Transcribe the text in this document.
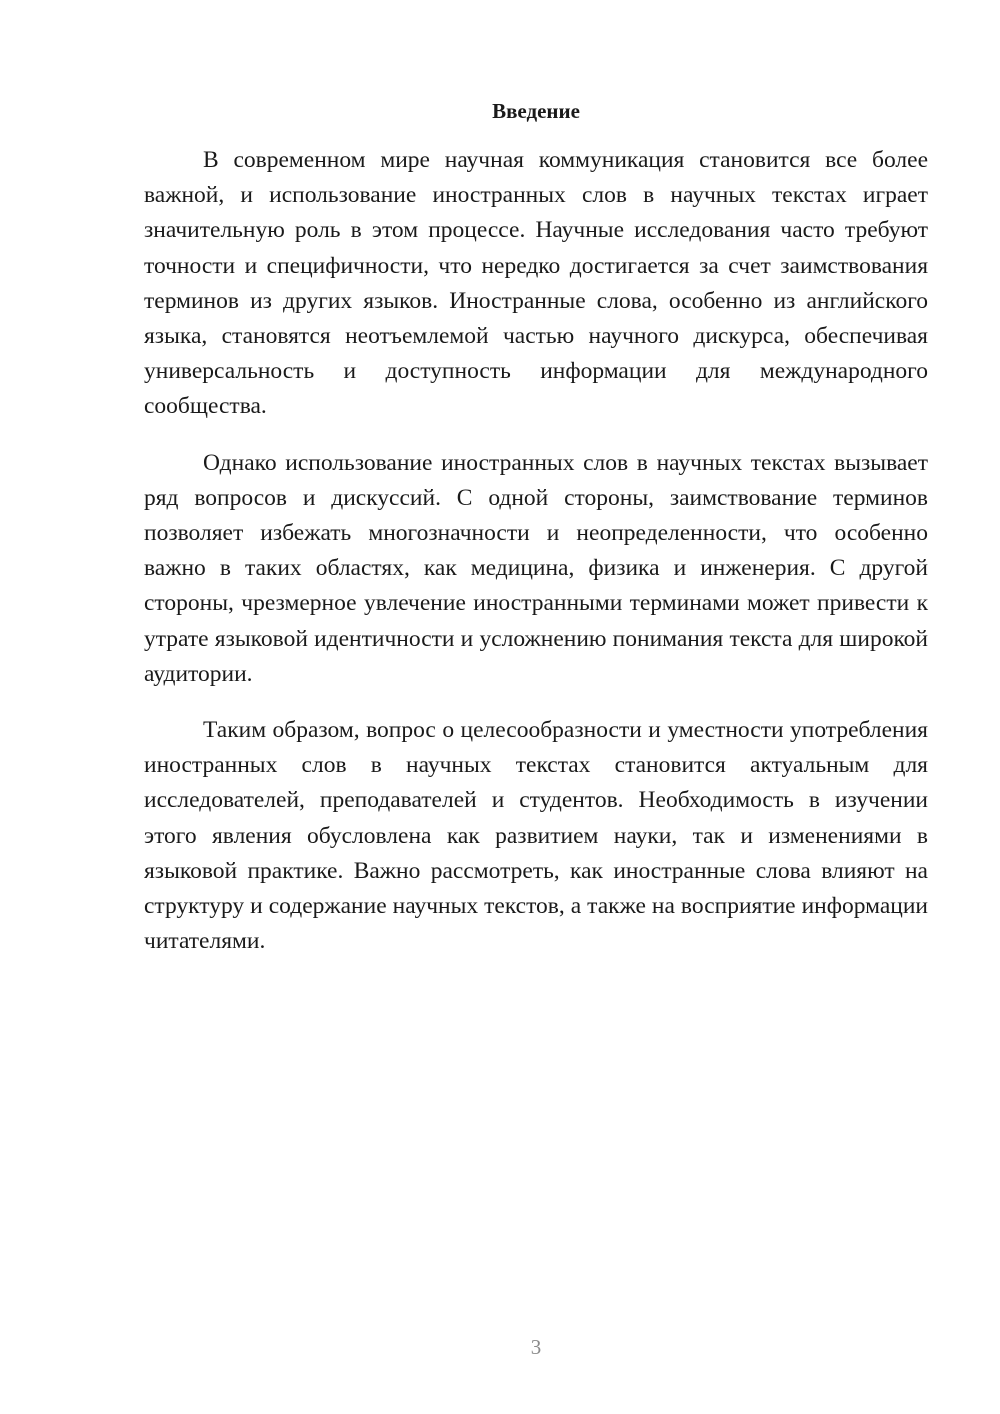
Введение

В современном мире научная коммуникация становится все более важной, и использование иностранных слов в научных текстах играет значительную роль в этом процессе. Научные исследования часто требуют точности и специфичности, что нередко достигается за счет заимствования терминов из других языков. Иностранные слова, особенно из английского языка, становятся неотъемлемой частью научного дискурса, обеспечивая универсальность и доступность информации для международного сообщества.

Однако использование иностранных слов в научных текстах вызывает ряд вопросов и дискуссий. С одной стороны, заимствование терминов позволяет избежать многозначности и неопределенности, что особенно важно в таких областях, как медицина, физика и инженерия. С другой стороны, чрезмерное увлечение иностранными терминами может привести к утрате языковой идентичности и усложнению понимания текста для широкой аудитории.

Таким образом, вопрос о целесообразности и уместности употребления иностранных слов в научных текстах становится актуальным для исследователей, преподавателей и студентов. Необходимость в изучении этого явления обусловлена как развитием науки, так и изменениями в языковой практике. Важно рассмотреть, как иностранные слова влияют на структуру и содержание научных текстов, а также на восприятие информации читателями.

3
